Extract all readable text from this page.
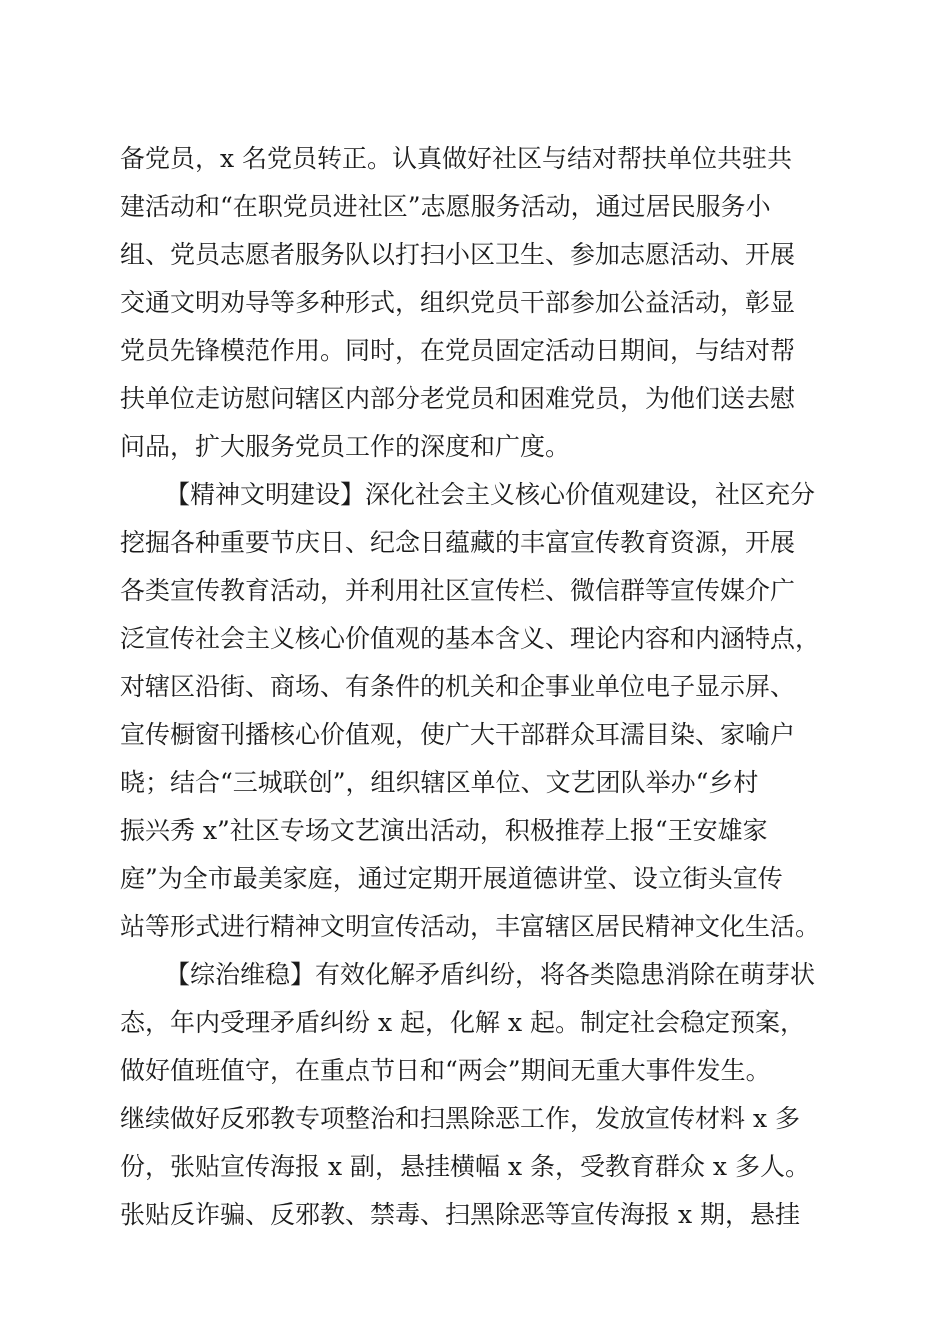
备党员，x 名党员转正。认真做好社区与结对帮扶单位共驻共
建活动和“在职党员进社区”志愿服务活动，通过居民服务小
组、党员志愿者服务队以打扫小区卫生、参加志愿活动、开展
交通文明劝导等多种形式，组织党员干部参加公益活动，彰显
党员先锋模范作用。同时，在党员固定活动日期间，与结对帮
扶单位走访慰问辖区内部分老党员和困难党员，为他们送去慰
问品，扩大服务党员工作的深度和广度。
【精神文明建设】深化社会主义核心价值观建设，社区充分
挖掘各种重要节庆日、纪念日蕴藏的丰富宣传教育资源，开展
各类宣传教育活动，并利用社区宣传栏、微信群等宣传媒介广
泛宣传社会主义核心价值观的基本含义、理论内容和内涵特点，
对辖区沿街、商场、有条件的机关和企事业单位电子显示屏、
宣传橱窗刊播核心价值观，使广大干部群众耳濡目染、家喻户
晓；结合“三城联创”，组织辖区单位、文艺团队举办“乡村
振兴秀 x”社区专场文艺演出活动，积极推荐上报“王安雄家
庭”为全市最美家庭，通过定期开展道德讲堂、设立街头宣传
站等形式进行精神文明宣传活动，丰富辖区居民精神文化生活。
【综治维稳】有效化解矛盾纠纷，将各类隐患消除在萌芽状
态，年内受理矛盾纠纷 x 起，化解 x 起。制定社会稳定预案，
做好值班值守，在重点节日和“两会”期间无重大事件发生。
继续做好反邪教专项整治和扫黑除恶工作，发放宣传材料 x 多
份，张贴宣传海报 x 副，悬挂横幅 x 条，受教育群众 x 多人。
张贴反诈骗、反邪教、禁毒、扫黑除恶等宣传海报 x 期，悬挂
